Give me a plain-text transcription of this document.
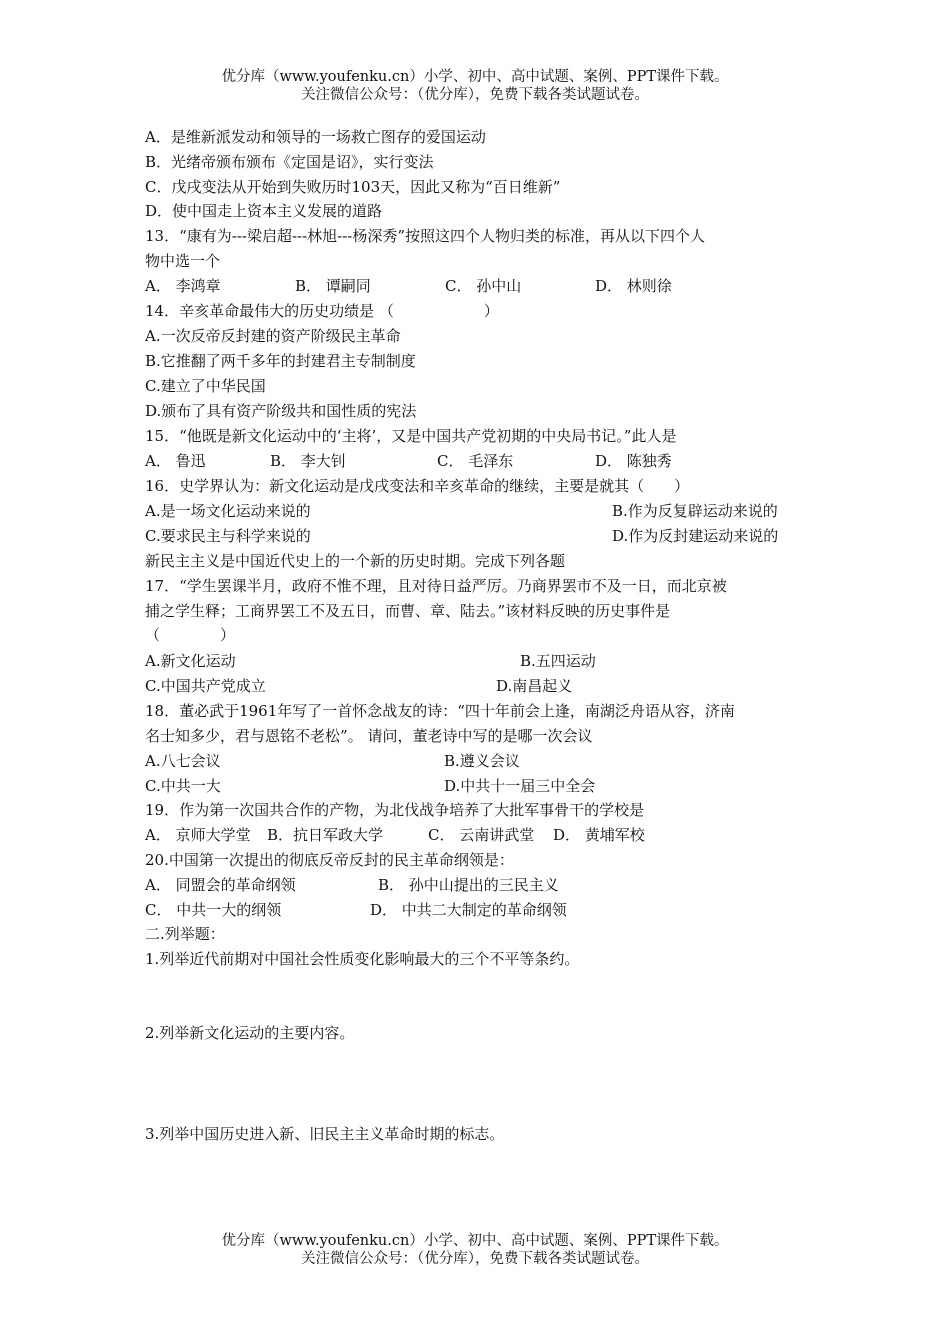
优分库（www.youfenku.cn）小学、初中、高中试题、案例、PPT课件下载。
关注微信公众号：（优分库），免费下载各类试题试卷。
A．是维新派发动和领导的一场救亡图存的爱国运动
B．光绪帝颁布颁布《定国是诏》，实行变法
C．戊戌变法从开始到失败历时103天，因此又称为“百日维新”
D．使中国走上资本主义发展的道路
13．“康有为---梁启超---林旭---杨深秀”按照这四个人物归类的标准，再从以下四个人
物中选一个
A． 李鸿章	B． 谭嗣同	C． 孙中山	D． 林则徐
14．辛亥革命最伟大的历史功绩是 （　　　　　　）
A.一次反帝反封建的资产阶级民主革命
B.它推翻了两千多年的封建君主专制制度
C.建立了中华民国
D.颁布了具有资产阶级共和国性质的宪法
15．“他既是新文化运动中的‘主将’，又是中国共产党初期的中央局书记。”此人是
A． 鲁迅	B． 李大钊	C． 毛泽东	D． 陈独秀
16．史学界认为：新文化运动是戊戌变法和辛亥革命的继续，主要是就其（　　）
A.是一场文化运动来说的	B.作为反复辟运动来说的
C.要求民主与科学来说的	D.作为反封建运动来说的
新民主主义是中国近代史上的一个新的历史时期。完成下列各题
17．“学生罢课半月，政府不惟不理，且对待日益严厉。乃商界罢市不及一日，而北京被
捕之学生释；工商界罢工不及五日，而曹、章、陆去。”该材料反映的历史事件是
（　　　　）
A.新文化运动	B.五四运动
C.中国共产党成立	D.南昌起义
18．董必武于1961年写了一首怀念战友的诗：“四十年前会上逢，南湖泛舟语从容，济南
名士知多少，君与恩铭不老松”。 请问，董老诗中写的是哪一次会议
A.八七会议	B.遵义会议
C.中共一大	D.中共十一届三中全会
19．作为第一次国共合作的产物，为北伐战争培养了大批军事骨干的学校是
A． 京师大学堂 B．抗日军政大学	C． 云南讲武堂 D． 黄埔军校
20.中国第一次提出的彻底反帝反封的民主革命纲领是：
A． 同盟会的革命纲领	B． 孙中山提出的三民主义
C． 中共一大的纲领	D． 中共二大制定的革命纲领
二.列举题：
1.列举近代前期对中国社会性质变化影响最大的三个不平等条约。
2.列举新文化运动的主要内容。
3.列举中国历史进入新、旧民主主义革命时期的标志。
优分库（www.youfenku.cn）小学、初中、高中试题、案例、PPT课件下载。
关注微信公众号：（优分库），免费下载各类试题试卷。
